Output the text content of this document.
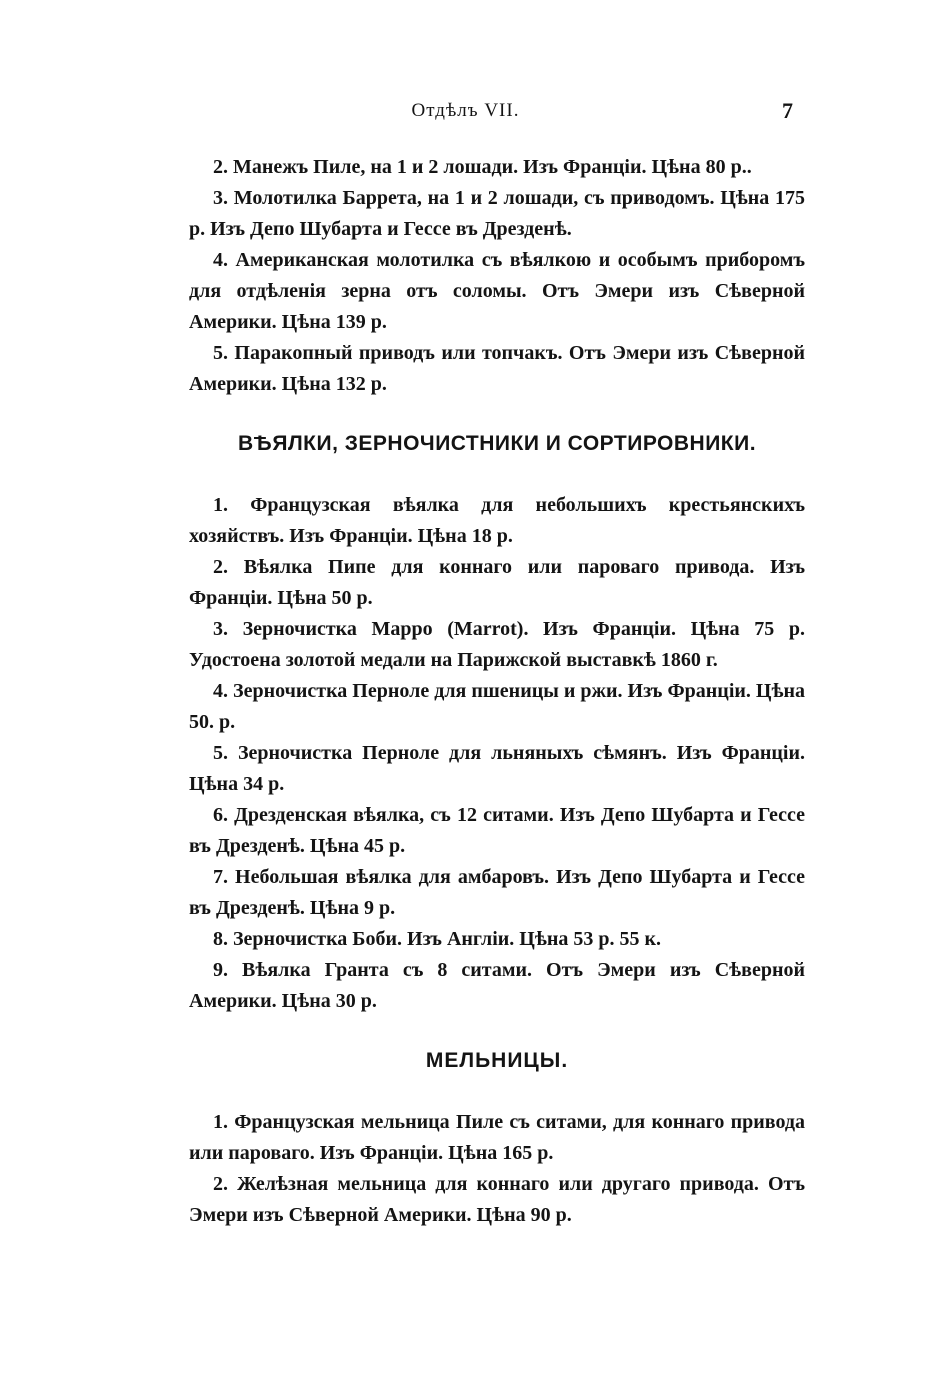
Отдѣлъ VII.	7

2. Манежъ Пиле, на 1 и 2 лошади. Изъ Франціи. Цѣна 80 р..

3. Молотилка Баррета, на 1 и 2 лошади, съ приводомъ. Цѣна 175 р. Изъ Депо Шубарта и Гессе въ Дрезденѣ.

4. Американская молотилка съ вѣялкою и особымъ приборомъ для отдѣленія зерна отъ соломы. Отъ Эмери изъ Сѣверной Америки. Цѣна 139 р.

5. Паракопный приводъ или топчакъ. Отъ Эмери изъ Сѣверной Америки. Цѣна 132 р.

ВѢЯЛКИ, ЗЕРНОЧИСТНИКИ И СОРТИРОВНИКИ.

1. Французская вѣялка для небольшихъ крестьянскихъ хозяйствъ. Изъ Франціи. Цѣна 18 р.

2. Вѣялка Пипе для коннаго или пароваго привода. Изъ Франціи. Цѣна 50 р.

3. Зерночистка Марро (Marrot). Изъ Франціи. Цѣна 75 р. Удостоена золотой медали на Парижской выставкѣ 1860 г.

4. Зерночистка Перноле для пшеницы и ржи. Изъ Франціи. Цѣна 50. р.

5. Зерночистка Перноле для льняныхъ сѣмянъ. Изъ Франціи. Цѣна 34 р.

6. Дрезденская вѣялка, съ 12 ситами. Изъ Депо Шубарта и Гессе въ Дрезденѣ. Цѣна 45 р.

7. Небольшая вѣялка для амбаровъ. Изъ Депо Шубарта и Гессе въ Дрезденѣ. Цѣна 9 р.

8. Зерночистка Боби. Изъ Англіи. Цѣна 53 р. 55 к.

9. Вѣялка Гранта съ 8 ситами. Отъ Эмери изъ Сѣверной Америки. Цѣна 30 р.

МЕЛЬНИЦЫ.

1. Французская мельница Пиле съ ситами, для коннаго привода или пароваго. Изъ Франціи. Цѣна 165 р.

2. Желѣзная мельница для коннаго или другаго привода. Отъ Эмери изъ Сѣверной Америки. Цѣна 90 р.
